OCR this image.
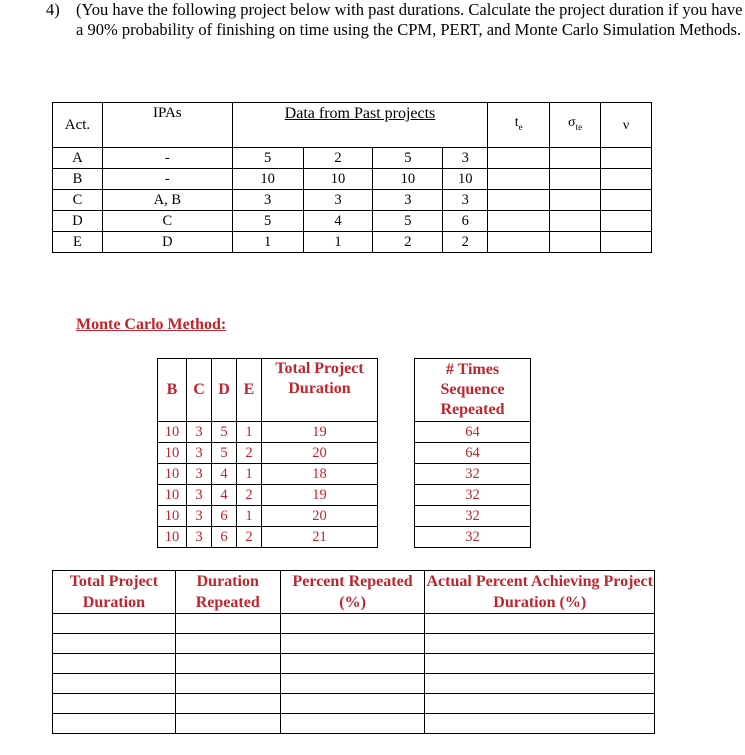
4) (You have the following project below with past durations. Calculate the project duration if you have a 90% probability of finishing on time using the CPM, PERT, and Monte Carlo Simulation Methods.
Act.	IPAs	Data from Past projects				$t_e$	$\sigma_{te}$	ν
A	-	5	2	5	3			
B	-	10	10	10	10			
C	A, B	3	3	3	3			
D	C	5	4	5	6			
E	D	1	1	2	2			
Monte Carlo Method:
B	C	D	E	Total Project Duration		# Times Sequence Repeated
10	3	5	1	19		64
10	3	5	2	20		64
10	3	4	1	18		32
10	3	4	2	19		32
10	3	6	1	20		32
10	3	6	2	21		32
Total Project Duration	Duration Repeated	Percent Repeated (%)	Actual Percent Achieving Project Duration (%)
